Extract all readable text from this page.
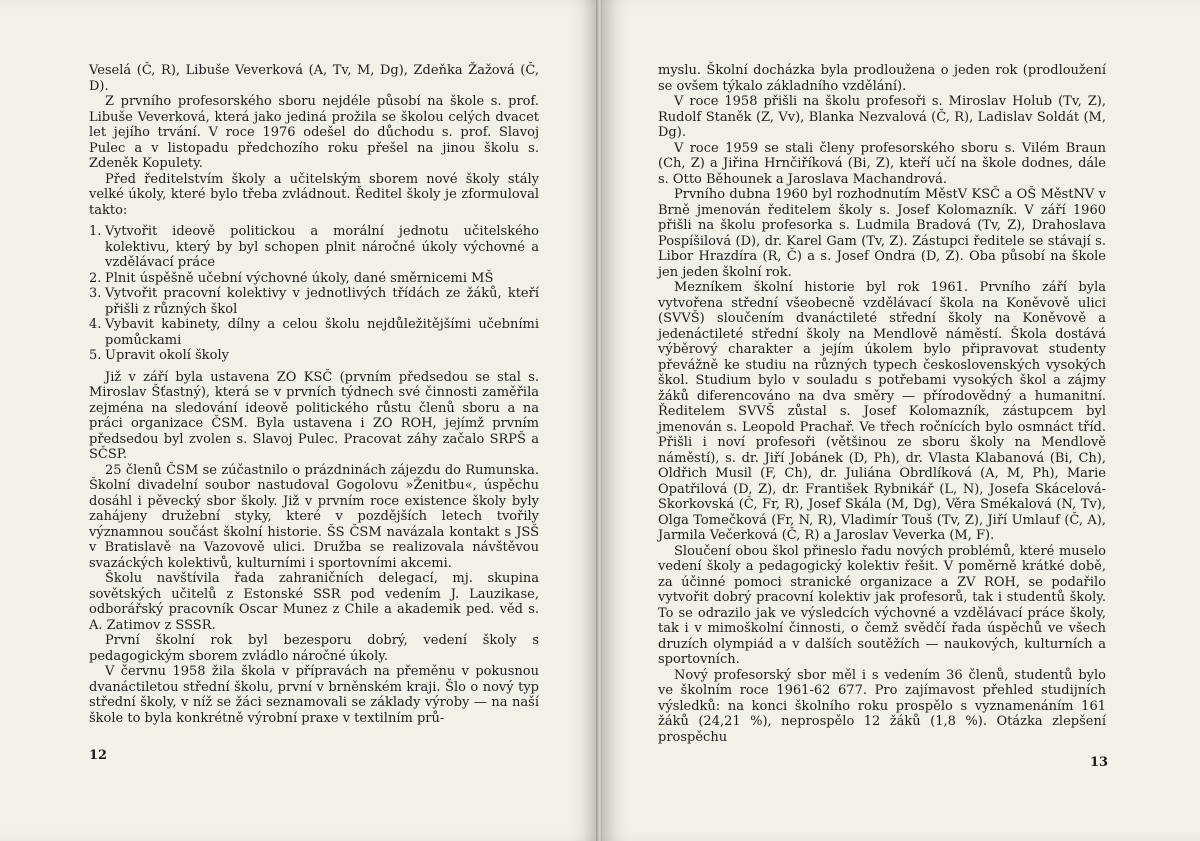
Veselá (Č, R), Libuše Veverková (A, Tv, M, Dg), Zdeňka Žažová (Č, D).

Z prvního profesorského sboru nejdéle působí na škole s. prof. Libuše Veverková, která jako jediná prožila se školou celých dvacet let jejího trvání. V roce 1976 odešel do důchodu s. prof. Slavoj Pulec a v listopadu předchozího roku přešel na jinou školu s. Zdeněk Kopulety.

Před ředitelstvím školy a učitelským sborem nové školy stály velké úkoly, které bylo třeba zvládnout. Ředitel školy je zformuloval takto:

1. Vytvořit ideově politickou a morální jednotu učitelského kolektivu, který by byl schopen plnit náročné úkoly výchovné a vzdělávací práce
2. Plnit úspěšně učební výchovné úkoly, dané směrnicemi MŠ
3. Vytvořit pracovní kolektivy v jednotlivých třídách ze žáků, kteří přišli z různých škol
4. Vybavit kabinety, dílny a celou školu nejdůležitějšími učebními pomůckami
5. Upravit okolí školy

Již v září byla ustavena ZO KSČ (prvním předsedou se stal s. Miroslav Šťastný), která se v prvních týdnech své činnosti zaměřila zejména na sledování ideově politického růstu členů sboru a na práci organizace ČSM. Byla ustavena i ZO ROH, jejímž prvním předsedou byl zvolen s. Slavoj Pulec. Pracovat záhy začalo SRPŠ a SČSP.

25 členů ČSM se zúčastnilo o prázdninách zájezdu do Rumunska. Školní divadelní soubor nastudoval Gogolovu »Ženitbu«, úspěchu dosáhl i pěvecký sbor školy. Již v prvním roce existence školy byly zahájeny družební styky, které v pozdějších letech tvořily významnou součást školní historie. ŠS ČSM navázala kontakt s JSŠ v Bratislavě na Vazovově ulici. Družba se realizovala návštěvou svazáckých kolektivů, kulturními i sportovními akcemi.

Školu navštívila řada zahraničních delegací, mj. skupina sovětských učitelů z Estonské SSR pod vedením J. Lauzikase, odborářský pracovník Oscar Munez z Chile a akademik ped. věd s. A. Zatimov z SSSR.

První školní rok byl bezesporu dobrý, vedení školy s pedagogickým sborem zvládlo náročné úkoly.

V červnu 1958 žila škola v přípravách na přeměnu v pokusnou dvanáctiletou střední školu, první v brněnském kraji. Šlo o nový typ střední školy, v níž se žáci seznamovali se základy výroby — na naší škole to byla konkrétně výrobní praxe v textilním prů-

12

myslu. Školní docházka byla prodloužena o jeden rok (prodloužení se ovšem týkalo základního vzdělání).

V roce 1958 přišli na školu profesoři s. Miroslav Holub (Tv, Z), Rudolf Staněk (Z, Vv), Blanka Nezvalová (Č, R), Ladislav Soldát (M, Dg).

V roce 1959 se stali členy profesorského sboru s. Vilém Braun (Ch, Z) a Jiřina Hrnčiříková (Bi, Z), kteří učí na škole dodnes, dále s. Otto Běhounek a Jaroslava Machandrová.

Prvního dubna 1960 byl rozhodnutím MěstV KSČ a OŠ MěstNV v Brně jmenován ředitelem školy s. Josef Kolomazník. V září 1960 přišli na školu profesorka s. Ludmila Bradová (Tv, Z), Drahoslava Pospíšilová (D), dr. Karel Gam (Tv, Z). Zástupci ředitele se stávají s. Libor Hrazdíra (R, Č) a s. Josef Ondra (D, Z). Oba působí na škole jen jeden školní rok.

Mezníkem školní historie byl rok 1961. Prvního září byla vytvořena střední všeobecně vzdělávací škola na Koněvově ulici (SVVŠ) sloučením dvanáctileté střední školy na Koněvově a jedenáctileté střední školy na Mendlově náměstí. Škola dostává výběrový charakter a jejím úkolem bylo připravovat studenty převážně ke studiu na různých typech československých vysokých škol. Studium bylo v souladu s potřebami vysokých škol a zájmy žáků diferencováno na dva směry — přírodovědný a humanitní. Ředitelem SVVŠ zůstal s. Josef Kolomazník, zástupcem byl jmenován s. Leopold Prachař. Ve třech ročnících bylo osmnáct tříd. Přišli i noví profesoři (většinou ze sboru školy na Mendlově náměstí), s. dr. Jiří Jobánek (D, Ph), dr. Vlasta Klabanová (Bi, Ch), Oldřich Musil (F, Ch), dr. Juliána Obrdlíková (A, M, Ph), Marie Opatřilová (D, Z), dr. František Rybnikář (L, N), Josefa Skácelová-Skorkovská (Č, Fr, R), Josef Skála (M, Dg), Věra Smékalová (N, Tv), Olga Tomečková (Fr, N, R), Vladimír Touš (Tv, Z), Jiří Umlauf (Č, A), Jarmila Večerková (Č, R) a Jaroslav Veverka (M, F).

Sloučení obou škol přineslo řadu nových problémů, které muselo vedení školy a pedagogický kolektiv řešit. V poměrně krátké době, za účinné pomoci stranické organizace a ZV ROH, se podařilo vytvořit dobrý pracovní kolektiv jak profesorů, tak i studentů školy. To se odrazilo jak ve výsledcích výchovné a vzdělávací práce školy, tak i v mimoškolní činnosti, o čemž svědčí řada úspěchů ve všech druzích olympiád a v dalších soutěžích — naukových, kulturních a sportovních.

Nový profesorský sbor měl i s vedením 36 členů, studentů bylo ve školním roce 1961-62 677. Pro zajímavost přehled studijních výsledků: na konci školního roku prospělo s vyznamenáním 161 žáků (24,21 %), neprospělo 12 žáků (1,8 %). Otázka zlepšení prospěchu

13
